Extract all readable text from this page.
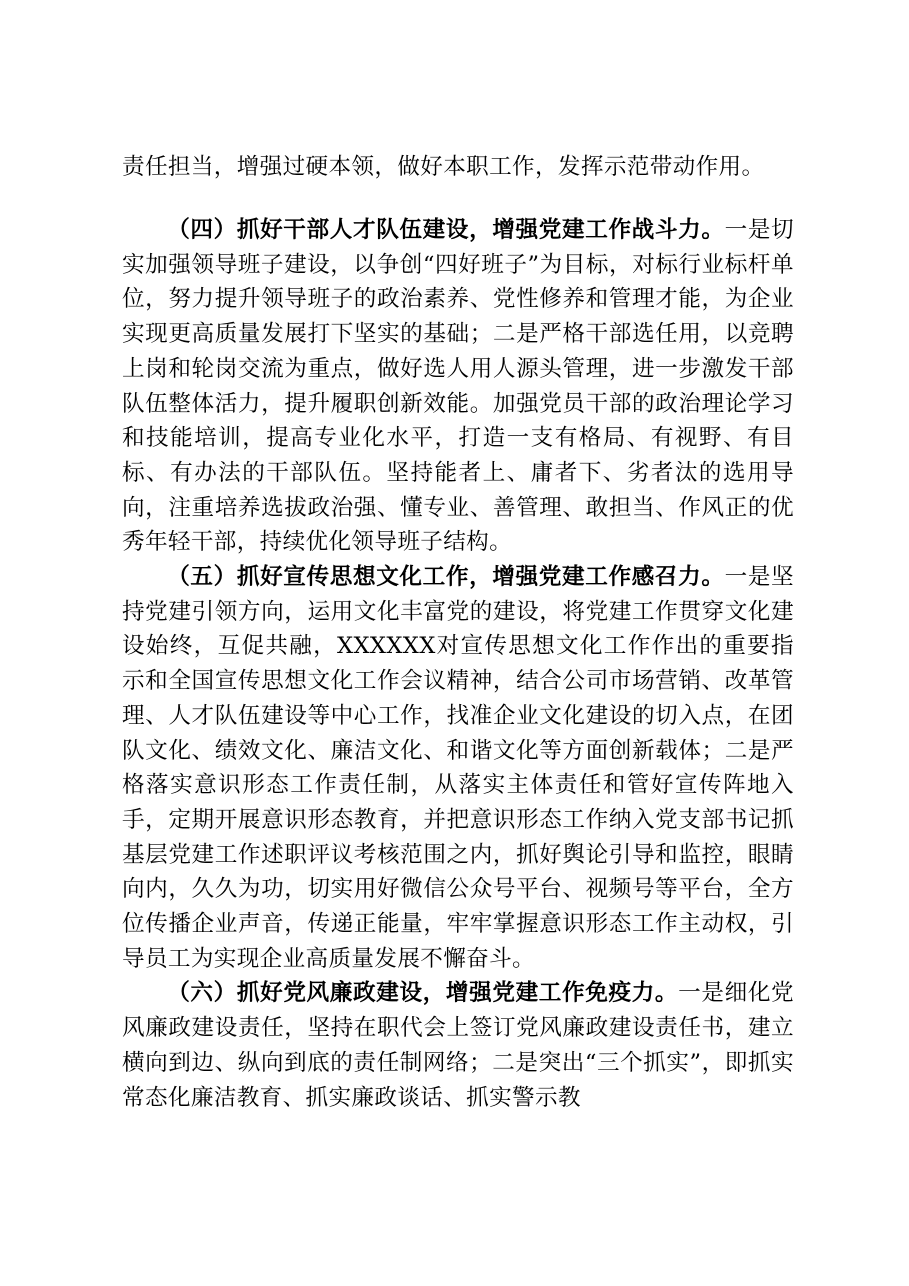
责任担当，增强过硬本领，做好本职工作，发挥示范带动作用。

（四）抓好干部人才队伍建设，增强党建工作战斗力。一是切实加强领导班子建设，以争创“四好班子”为目标，对标行业标杆单位，努力提升领导班子的政治素养、党性修养和管理才能，为企业实现更高质量发展打下坚实的基础；二是严格干部选任用，以竞聘上岗和轮岗交流为重点，做好选人用人源头管理，进一步激发干部队伍整体活力，提升履职创新效能。加强党员干部的政治理论学习和技能培训，提高专业化水平，打造一支有格局、有视野、有目标、有办法的干部队伍。坚持能者上、庸者下、劣者汰的选用导向，注重培养选拔政治强、懂专业、善管理、敢担当、作风正的优秀年轻干部，持续优化领导班子结构。

（五）抓好宣传思想文化工作，增强党建工作感召力。一是坚持党建引领方向，运用文化丰富党的建设，将党建工作贯穿文化建设始终，互促共融，XXXXXX对宣传思想文化工作作出的重要指示和全国宣传思想文化工作会议精神，结合公司市场营销、改革管理、人才队伍建设等中心工作，找准企业文化建设的切入点，在团队文化、绩效文化、廉洁文化、和谐文化等方面创新载体；二是严格落实意识形态工作责任制，从落实主体责任和管好宣传阵地入手，定期开展意识形态教育，并把意识形态工作纳入党支部书记抓基层党建工作述职评议考核范围之内，抓好舆论引导和监控，眼睛向内，久久为功，切实用好微信公众号平台、视频号等平台，全方位传播企业声音，传递正能量，牢牢掌握意识形态工作主动权，引导员工为实现企业高质量发展不懈奋斗。

（六）抓好党风廉政建设，增强党建工作免疫力。一是细化党风廉政建设责任，坚持在职代会上签订党风廉政建设责任书，建立横向到边、纵向到底的责任制网络；二是突出“三个抓实”，即抓实常态化廉洁教育、抓实廉政谈话、抓实警示教
